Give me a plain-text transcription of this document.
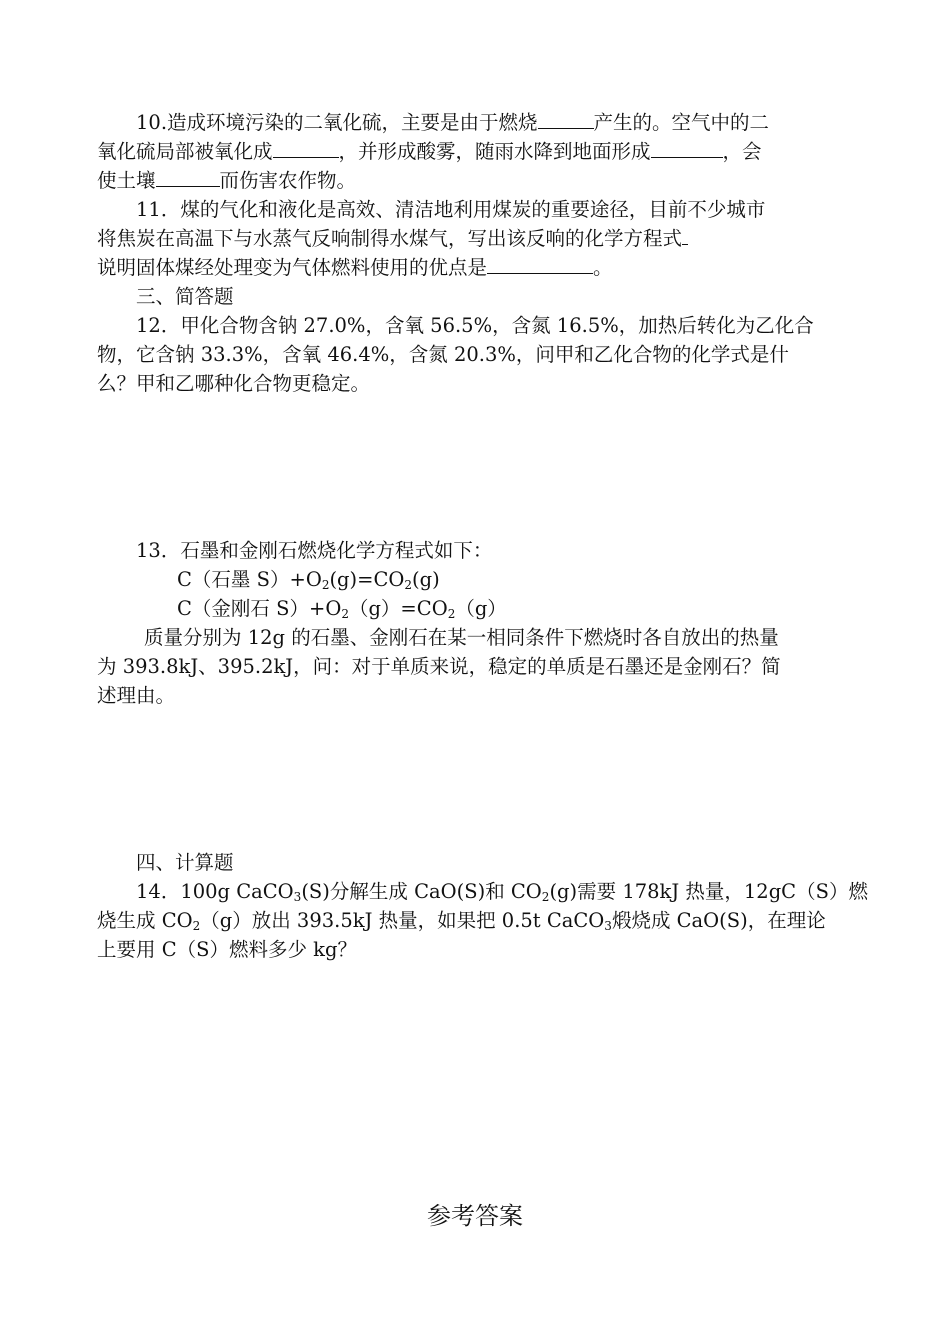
10.造成环境污染的二氧化硫，主要是由于燃烧	产生的。空气中的二
氧化硫局部被氧化成	，并形成酸雾，随雨水降到地面形成	，会
使土壤	而伤害农作物。
11．煤的气化和液化是高效、清洁地利用煤炭的重要途径，目前不少城市
将焦炭在高温下与水蒸气反响制得水煤气，写出该反响的化学方程式
说明固体煤经处理变为气体燃料使用的优点是	。
三、简答题
12．甲化合物含钠 27.0%，含氧 56.5%，含氮 16.5%，加热后转化为乙化合
物，它含钠 33.3%，含氧 46.4%，含氮 20.3%，问甲和乙化合物的化学式是什
么？甲和乙哪种化合物更稳定。
13．石墨和金刚石燃烧化学方程式如下：
C（石墨 $S)+O_2(g)=CO_2(g)$
C（金刚石 $S)+O_2(g)=CO_2(g)$
质量分别为 12g 的石墨、金刚石在某一相同条件下燃烧时各自放出的热量
为 393.8kJ、395.2kJ，问：对于单质来说，稳定的单质是石墨还是金刚石？简
述理由。
四、计算题
14．100g CaCO$_3$(S)分解生成 CaO(S)和 $CO_2(g)$需要 178kJ 热量，12gC（S）燃
烧生成 $CO_2(g)$放出 393.5kJ 热量，如果把 0.5t CaCO$_3$煅烧成 CaO(S)，在理论
上要用 C（S）燃料多少 kg？
参考答案
